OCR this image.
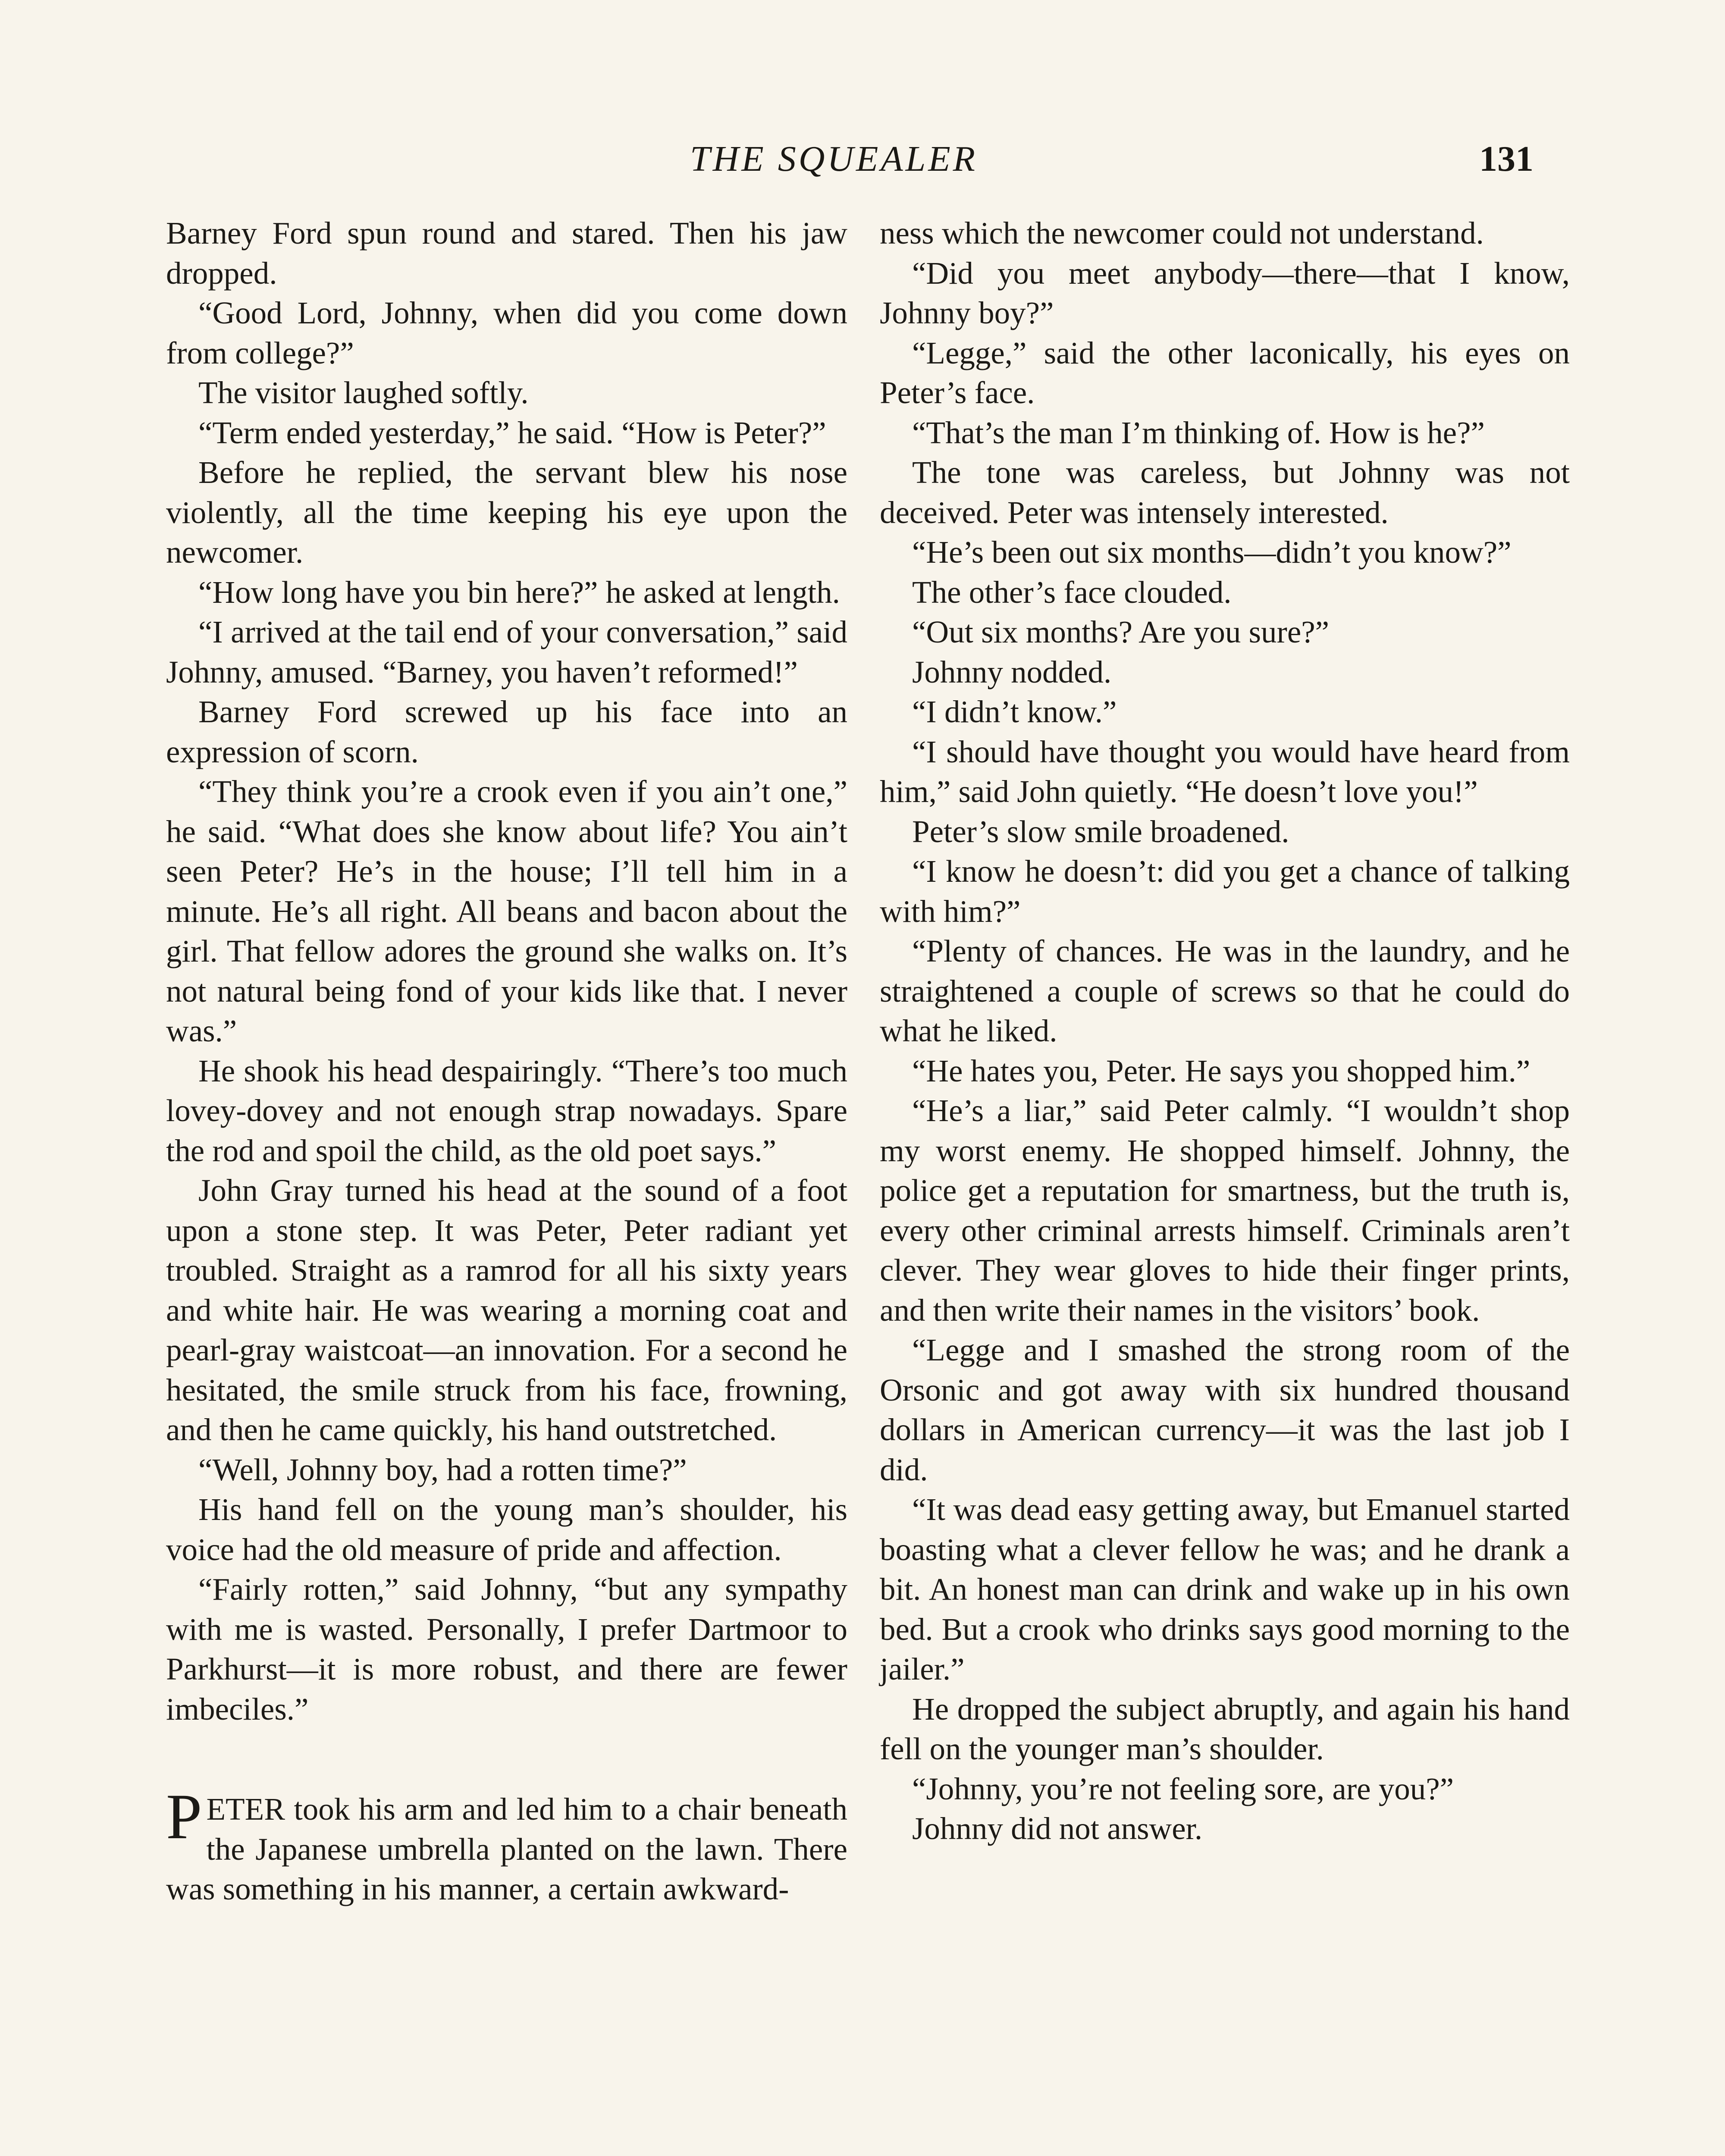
THE SQUEALER	131

Barney Ford spun round and stared. Then his jaw dropped.

“Good Lord, Johnny, when did you come down from college?”

The visitor laughed softly.

“Term ended yesterday,” he said. “How is Peter?”

Before he replied, the servant blew his nose violently, all the time keeping his eye upon the newcomer.

“How long have you bin here?” he asked at length.

“I arrived at the tail end of your conversation,” said Johnny, amused. “Barney, you haven’t reformed!”

Barney Ford screwed up his face into an expression of scorn.

“They think you’re a crook even if you ain’t one,” he said. “What does she know about life? You ain’t seen Peter? He’s in the house; I’ll tell him in a minute. He’s all right. All beans and bacon about the girl. That fellow adores the ground she walks on. It’s not natural being fond of your kids like that. I never was.”

He shook his head despairingly. “There’s too much lovey-dovey and not enough strap nowadays. Spare the rod and spoil the child, as the old poet says.”

John Gray turned his head at the sound of a foot upon a stone step. It was Peter, Peter radiant yet troubled. Straight as a ramrod for all his sixty years and white hair. He was wearing a morning coat and pearl-gray waistcoat—an innovation. For a second he hesitated, the smile struck from his face, frowning, and then he came quickly, his hand outstretched.

“Well, Johnny boy, had a rotten time?”

His hand fell on the young man’s shoulder, his voice had the old measure of pride and affection.

“Fairly rotten,” said Johnny, “but any sympathy with me is wasted. Personally, I prefer Dartmoor to Parkhurst—it is more robust, and there are fewer imbeciles.”

PETER took his arm and led him to a chair beneath the Japanese umbrella planted on the lawn. There was something in his manner, a certain awkward-

ness which the newcomer could not understand.

“Did you meet anybody—there—that I know, Johnny boy?”

“Legge,” said the other laconically, his eyes on Peter’s face.

“That’s the man I’m thinking of. How is he?”

The tone was careless, but Johnny was not deceived. Peter was intensely interested.

“He’s been out six months—didn’t you know?”

The other’s face clouded.

“Out six months? Are you sure?”

Johnny nodded.

“I didn’t know.”

“I should have thought you would have heard from him,” said John quietly. “He doesn’t love you!”

Peter’s slow smile broadened.

“I know he doesn’t: did you get a chance of talking with him?”

“Plenty of chances. He was in the laundry, and he straightened a couple of screws so that he could do what he liked.

“He hates you, Peter. He says you shopped him.”

“He’s a liar,” said Peter calmly. “I wouldn’t shop my worst enemy. He shopped himself. Johnny, the police get a reputation for smartness, but the truth is, every other criminal arrests himself. Criminals aren’t clever. They wear gloves to hide their finger prints, and then write their names in the visitors’ book.

“Legge and I smashed the strong room of the Orsonic and got away with six hundred thousand dollars in American currency—it was the last job I did.

“It was dead easy getting away, but Emanuel started boasting what a clever fellow he was; and he drank a bit. An honest man can drink and wake up in his own bed. But a crook who drinks says good morning to the jailer.”

He dropped the subject abruptly, and again his hand fell on the younger man’s shoulder.

“Johnny, you’re not feeling sore, are you?”

Johnny did not answer.
